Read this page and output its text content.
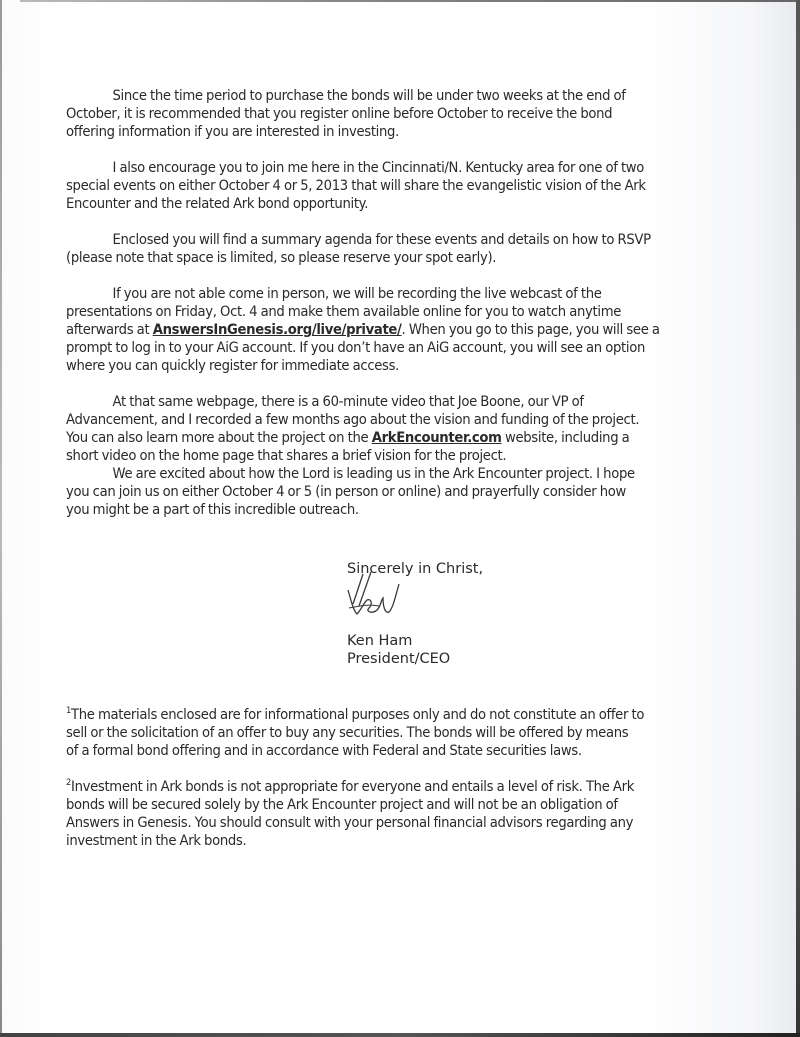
Since the time period to purchase the bonds will be under two weeks at the end of
October, it is recommended that you register online before October to receive the bond
offering information if you are interested in investing.
I also encourage you to join me here in the Cincinnati/N. Kentucky area for one of two
special events on either October 4 or 5, 2013 that will share the evangelistic vision of the Ark
Encounter and the related Ark bond opportunity.
Enclosed you will find a summary agenda for these events and details on how to RSVP
(please note that space is limited, so please reserve your spot early).
If you are not able come in person, we will be recording the live webcast of the
presentations on Friday, Oct. 4 and make them available online for you to watch anytime
afterwards at AnswersInGenesis.org/live/private/. When you go to this page, you will see a
prompt to log in to your AiG account. If you don’t have an AiG account, you will see an option
where you can quickly register for immediate access.
At that same webpage, there is a 60-minute video that Joe Boone, our VP of
Advancement, and I recorded a few months ago about the vision and funding of the project.
You can also learn more about the project on the ArkEncounter.com website, including a
short video on the home page that shares a brief vision for the project.
We are excited about how the Lord is leading us in the Ark Encounter project. I hope
you can join us on either October 4 or 5 (in person or online) and prayerfully consider how
you might be a part of this incredible outreach.
Sincerely in Christ,
Ken Ham
President/CEO
$^1$The materials enclosed are for informational purposes only and do not constitute an offer to
sell or the solicitation of an offer to buy any securities. The bonds will be offered by means
of a formal bond offering and in accordance with Federal and State securities laws.
$^2$Investment in Ark bonds is not appropriate for everyone and entails a level of risk. The Ark
bonds will be secured solely by the Ark Encounter project and will not be an obligation of
Answers in Genesis. You should consult with your personal financial advisors regarding any
investment in the Ark bonds.
